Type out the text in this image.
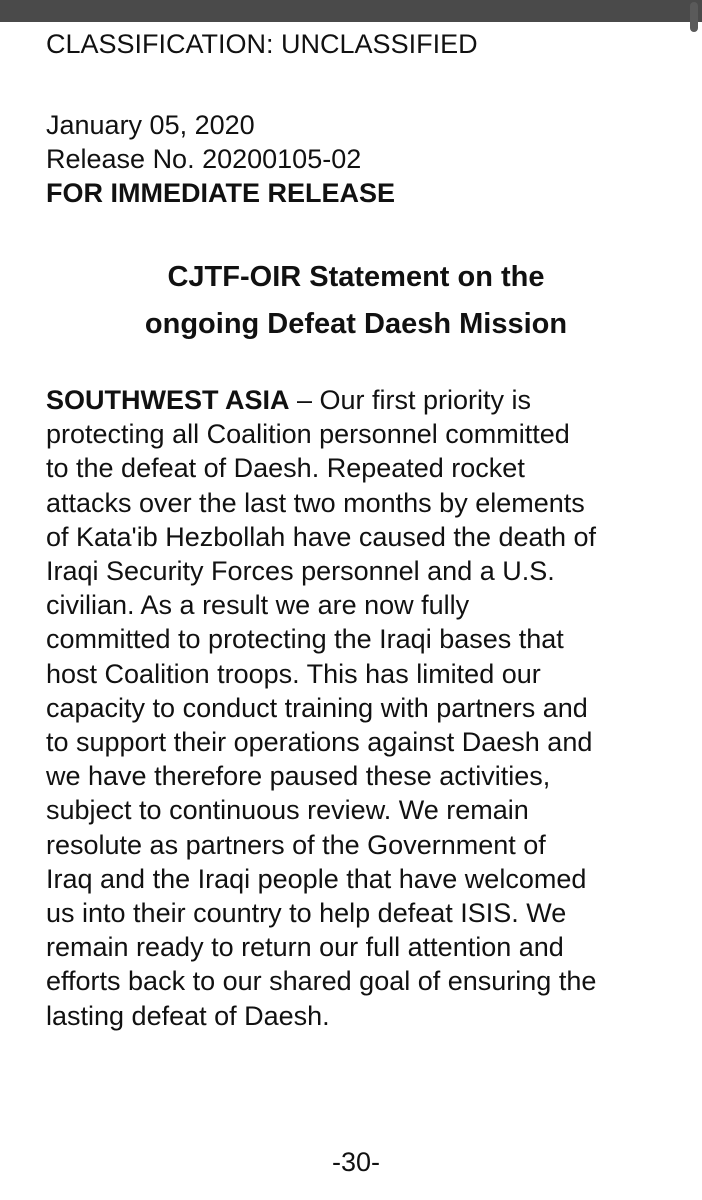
CLASSIFICATION: UNCLASSIFIED
January 05, 2020
Release No. 20200105-02
FOR IMMEDIATE RELEASE
CJTF-OIR Statement on the
ongoing Defeat Daesh Mission
SOUTHWEST ASIA – Our first priority is
protecting all Coalition personnel committed
to the defeat of Daesh. Repeated rocket
attacks over the last two months by elements
of Kata'ib Hezbollah have caused the death of
Iraqi Security Forces personnel and a U.S.
civilian. As a result we are now fully
committed to protecting the Iraqi bases that
host Coalition troops. This has limited our
capacity to conduct training with partners and
to support their operations against Daesh and
we have therefore paused these activities,
subject to continuous review. We remain
resolute as partners of the Government of
Iraq and the Iraqi people that have welcomed
us into their country to help defeat ISIS. We
remain ready to return our full attention and
efforts back to our shared goal of ensuring the
lasting defeat of Daesh.
-30-
